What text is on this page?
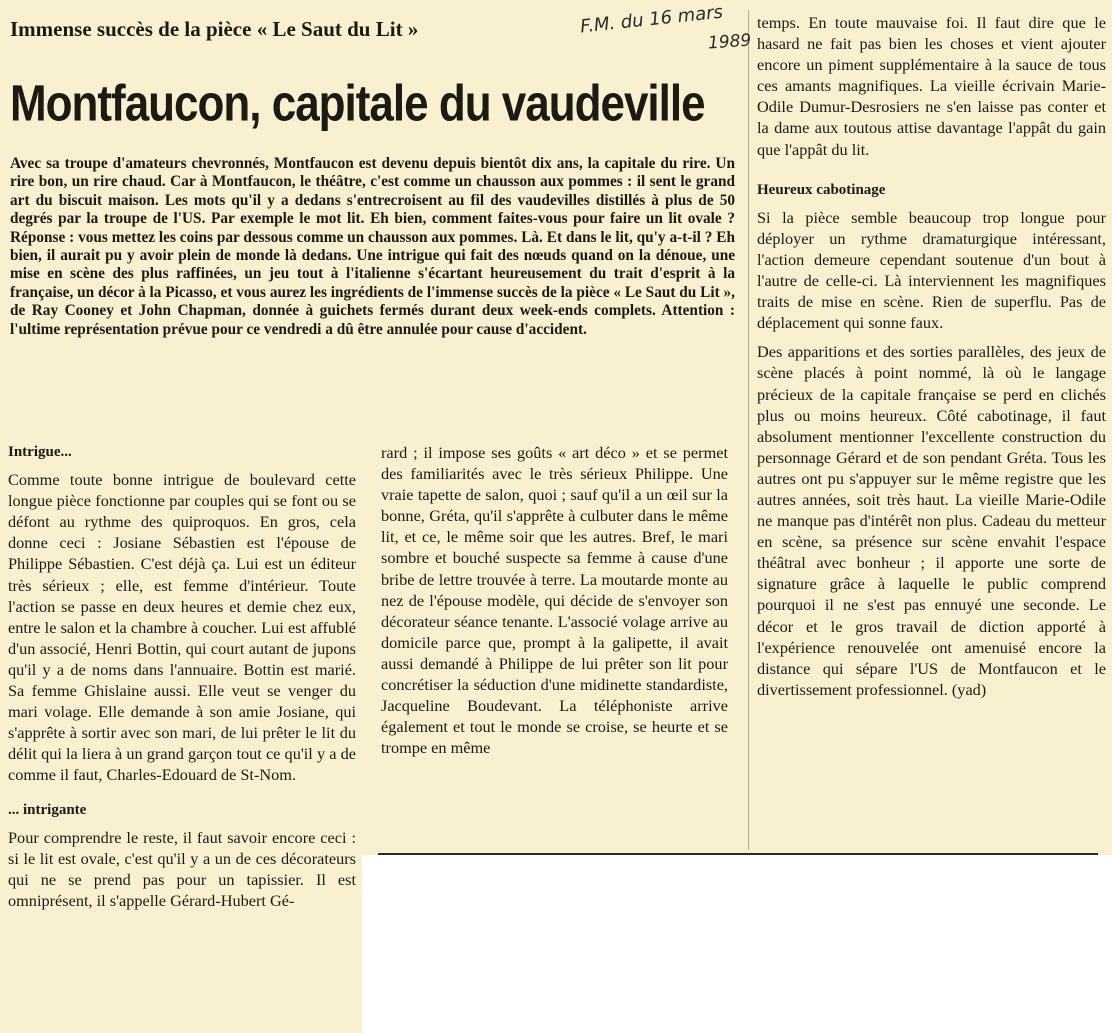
Immense succès de la pièce « Le Saut du Lit »	F.M. du 16 mars
1989
Montfaucon, capitale du vaudeville

Avec sa troupe d'amateurs chevronnés, Montfaucon est devenu depuis bientôt dix ans, la capitale du rire. Un rire bon, un rire chaud. Car à Montfaucon, le théâtre, c'est comme un chausson aux pommes : il sent le grand art du biscuit maison. Les mots qu'il y a dedans s'entrecroisent au fil des vaudevilles distillés à plus de 50 degrés par la troupe de l'US. Par exemple le mot lit. Eh bien, comment faites-vous pour faire un lit ovale ? Réponse : vous mettez les coins par dessous comme un chausson aux pommes. Là. Et dans le lit, qu'y a-t-il ? Eh bien, il aurait pu y avoir plein de monde là dedans. Une intrigue qui fait des nœuds quand on la dénoue, une mise en scène des plus raffinées, un jeu tout à l'italienne s'écartant heureusement du trait d'esprit à la française, un décor à la Picasso, et vous aurez les ingrédients de l'immense succès de la pièce « Le Saut du Lit », de Ray Cooney et John Chapman, donnée à guichets fermés durant deux week-ends complets. Attention : l'ultime représentation prévue pour ce vendredi a dû être annulée pour cause d'accident.

Intrigue...

Comme toute bonne intrigue de boulevard cette longue pièce fonctionne par couples qui se font ou se défont au rythme des quiproquos. En gros, cela donne ceci : Josiane Sébastien est l'épouse de Philippe Sébastien. C'est déjà ça. Lui est un éditeur très sérieux ; elle, est femme d'intérieur. Toute l'action se passe en deux heures et demie chez eux, entre le salon et la chambre à coucher. Lui est affublé d'un associé, Henri Bottin, qui court autant de jupons qu'il y a de noms dans l'annuaire. Bottin est marié. Sa femme Ghislaine aussi. Elle veut se venger du mari volage. Elle demande à son amie Josiane, qui s'apprête à sortir avec son mari, de lui prêter le lit du délit qui la liera à un grand garçon tout ce qu'il y a de comme il faut, Charles-Edouard de St-Nom.

... intrigante

Pour comprendre le reste, il faut savoir encore ceci : si le lit est ovale, c'est qu'il y a un de ces décorateurs qui ne se prend pas pour un tapissier. Il est omniprésent, il s'appelle Gérard-Hubert Gé-

rard ; il impose ses goûts « art déco » et se permet des familiarités avec le très sérieux Philippe. Une vraie tapette de salon, quoi ; sauf qu'il a un œil sur la bonne, Gréta, qu'il s'apprête à culbuter dans le même lit, et ce, le même soir que les autres. Bref, le mari sombre et bouché suspecte sa femme à cause d'une bribe de lettre trouvée à terre. La moutarde monte au nez de l'épouse modèle, qui décide de s'envoyer son décorateur séance tenante. L'associé volage arrive au domicile parce que, prompt à la galipette, il avait aussi demandé à Philippe de lui prêter son lit pour concrétiser la séduction d'une midinette standardiste, Jacqueline Boudevant. La téléphoniste arrive également et tout le monde se croise, se heurte et se trompe en même

temps. En toute mauvaise foi. Il faut dire que le hasard ne fait pas bien les choses et vient ajouter encore un piment supplémentaire à la sauce de tous ces amants magnifiques. La vieille écrivain Marie-Odile Dumur-Desrosiers ne s'en laisse pas conter et la dame aux toutous attise davantage l'appât du gain que l'appât du lit.

Heureux cabotinage

Si la pièce semble beaucoup trop longue pour déployer un rythme dramaturgique intéressant, l'action demeure cependant soutenue d'un bout à l'autre de celle-ci. Là interviennent les magnifiques traits de mise en scène. Rien de superflu. Pas de déplacement qui sonne faux.

Des apparitions et des sorties parallèles, des jeux de scène placés à point nommé, là où le langage précieux de la capitale française se perd en clichés plus ou moins heureux. Côté cabotinage, il faut absolument mentionner l'excellente construction du personnage Gérard et de son pendant Gréta. Tous les autres ont pu s'appuyer sur le même registre que les autres années, soit très haut. La vieille Marie-Odile ne manque pas d'intérêt non plus. Cadeau du metteur en scène, sa présence sur scène envahit l'espace théâtral avec bonheur ; il apporte une sorte de signature grâce à laquelle le public comprend pourquoi il ne s'est pas ennuyé une seconde. Le décor et le gros travail de diction apporté à l'expérience renouvelée ont amenuisé encore la distance qui sépare l'US de Montfaucon et le divertissement professionnel. (yad)
